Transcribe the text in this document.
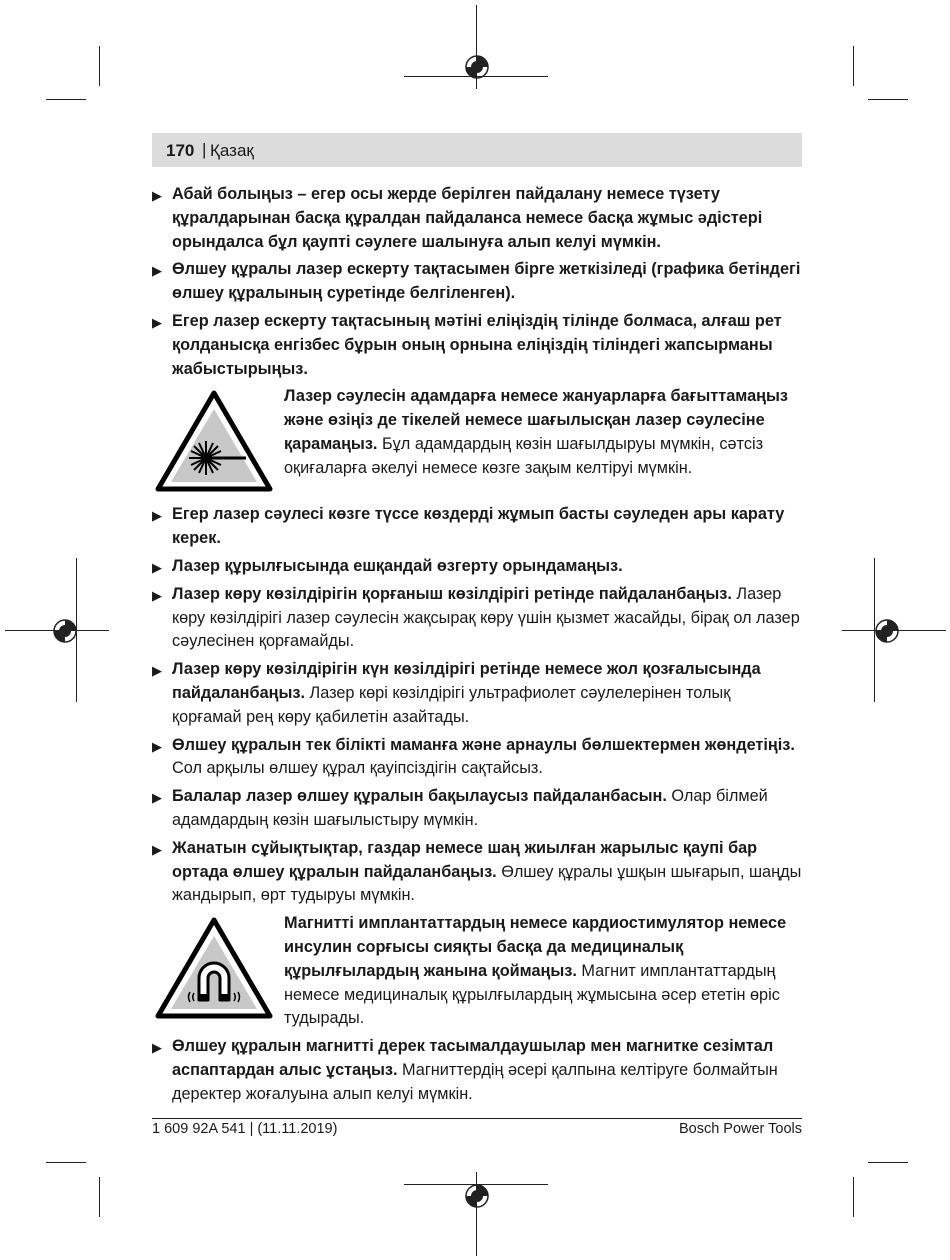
170 | Қазақ
▶ Абай болыңыз – егер осы жерде берілген пайдалану немесе түзету құралдарынан басқа құралдан пайдаланса немесе басқа жұмыс әдістері орындалса бұл қаупті сәулеге шалынуға алып келуі мүмкін.
▶ Өлшеу құралы лазер ескерту тақтасымен бірге жеткізіледі (графика бетіндегі өлшеу құралының суретінде белгіленген).
▶ Егер лазер ескерту тақтасының мәтіні еліңіздің тілінде болмаса, алғаш рет қолданысқа енгізбес бұрын оның орнына еліңіздің тіліндегі жапсырманы жабыстырыңыз.
Лазер сәулесін адамдарға немесе жануарларға бағыттамаңыз және өзіңіз де тікелей немесе шағылысқан лазер сәулесіне қарамаңыз. Бұл адамдардың көзін шағылдыруы мүмкін, сәтсіз оқиғаларға әкелуі немесе көзге зақым келтіруі мүмкін.
▶ Егер лазер сәулесі көзге түссе көздерді жұмып басты сәуледен ары карату керек.
▶ Лазер құрылғысында ешқандай өзгерту орындамаңыз.
▶ Лазер көру көзілдірігін қорғаныш көзілдірігі ретінде пайдаланбаңыз. Лазер көру көзілдірігі лазер сәулесін жақсырақ көру үшін қызмет жасайды, бірақ ол лазер сәулесінен қорғамайды.
▶ Лазер көру көзілдірігін күн көзілдірігі ретінде немесе жол қозғалысында пайдаланбаңыз. Лазер көрі көзілдірігі ультрафиолет сәулелерінен толық қорғамай рең көру қабилетін азайтады.
▶ Өлшеу құралын тек білікті маманға және арнаулы бөлшектермен жөндетіңіз. Сол арқылы өлшеу құрал қауіпсіздігін сақтайсыз.
▶ Балалар лазер өлшеу құралын бақылаусыз пайдаланбасын. Олар білмей адамдардың көзін шағылыстыру мүмкін.
▶ Жанатын сұйықтықтар, газдар немесе шаң жиылған жарылыс қаупі бар ортада өлшеу құралын пайдаланбаңыз. Өлшеу құралы ұшқын шығарып, шаңды жандырып, өрт тудыруы мүмкін.
Магнитті имплантаттардың немесе кардиостимулятор немесе инсулин сорғысы сияқты басқа да медициналық құрылғылардың жанына қоймаңыз. Магнит имплантаттардың немесе медициналық құрылғылардың жұмысына әсер ететін өріс тудырады.
▶ Өлшеу құралын магнитті дерек тасымалдаушылар мен магнитке сезімтал аспаптардан алыс ұстаңыз. Магниттердің әсері қалпына келтіруге болмайтын деректер жоғалуына алып келуі мүмкін.
1 609 92A 541 | (11.11.2019)	Bosch Power Tools
